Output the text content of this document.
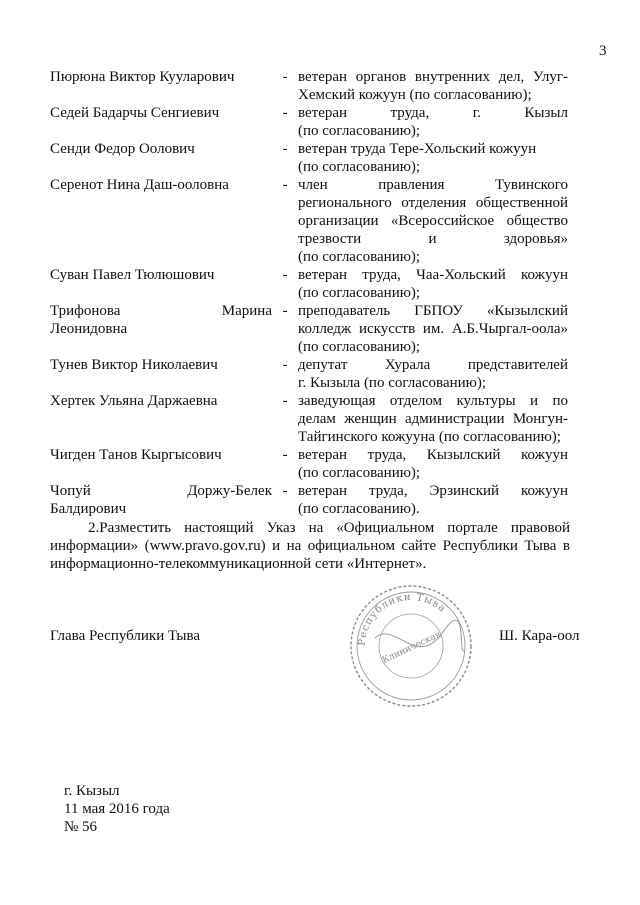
3
Пюрюна Виктор Кууларович	- ветеран органов внутренних дел, Улуг-
Хемский кожуун (по согласованию);
Седей Бадарчы Сенгиевич	- ветеран труда, г. Кызыл
(по согласованию);
Сенди Федор Оолович	- ветеран труда Тере-Хольский кожуун
(по согласованию);
Серенот Нина Даш-ооловна	- член правления Тувинского
регионального отделения общественной
организации «Всероссийское общество
трезвости и здоровья»
(по согласованию);
Суван Павел Тюлюшович	- ветеран труда, Чаа-Хольский кожуун
(по согласованию);
Трифонова Марина
Леонидовна
- преподаватель ГБПОУ «Кызылский
колледж искусств им. А.Б.Чыргал-оола»
(по согласованию);
Тунев Виктор Николаевич	- депутат Хурала представителей
г. Кызыла (по согласованию);
Хертек Ульяна Даржаевна	- заведующая отделом культуры и по
делам женщин администрации Монгун-
Тайгинского кожууна (по согласованию);
Чигден Танов Кыргысович	- ветеран труда, Кызылский кожуун
(по согласованию);
Чопуй Доржу-Белек
Балдирович
- ветеран труда, Эрзинский кожуун
(по согласованию).
2.Разместить настоящий Указ на «Официальном портале правовой
информации» (www.pravo.gov.ru) и на официальном сайте Республики Тыва в
информационно-телекоммуникационной сети «Интернет».
Глава Республики Тыва	Ш. Кара-оол
Республики Тыва
Клиническая
г. Кызыл
11 мая 2016 года
№ 56
